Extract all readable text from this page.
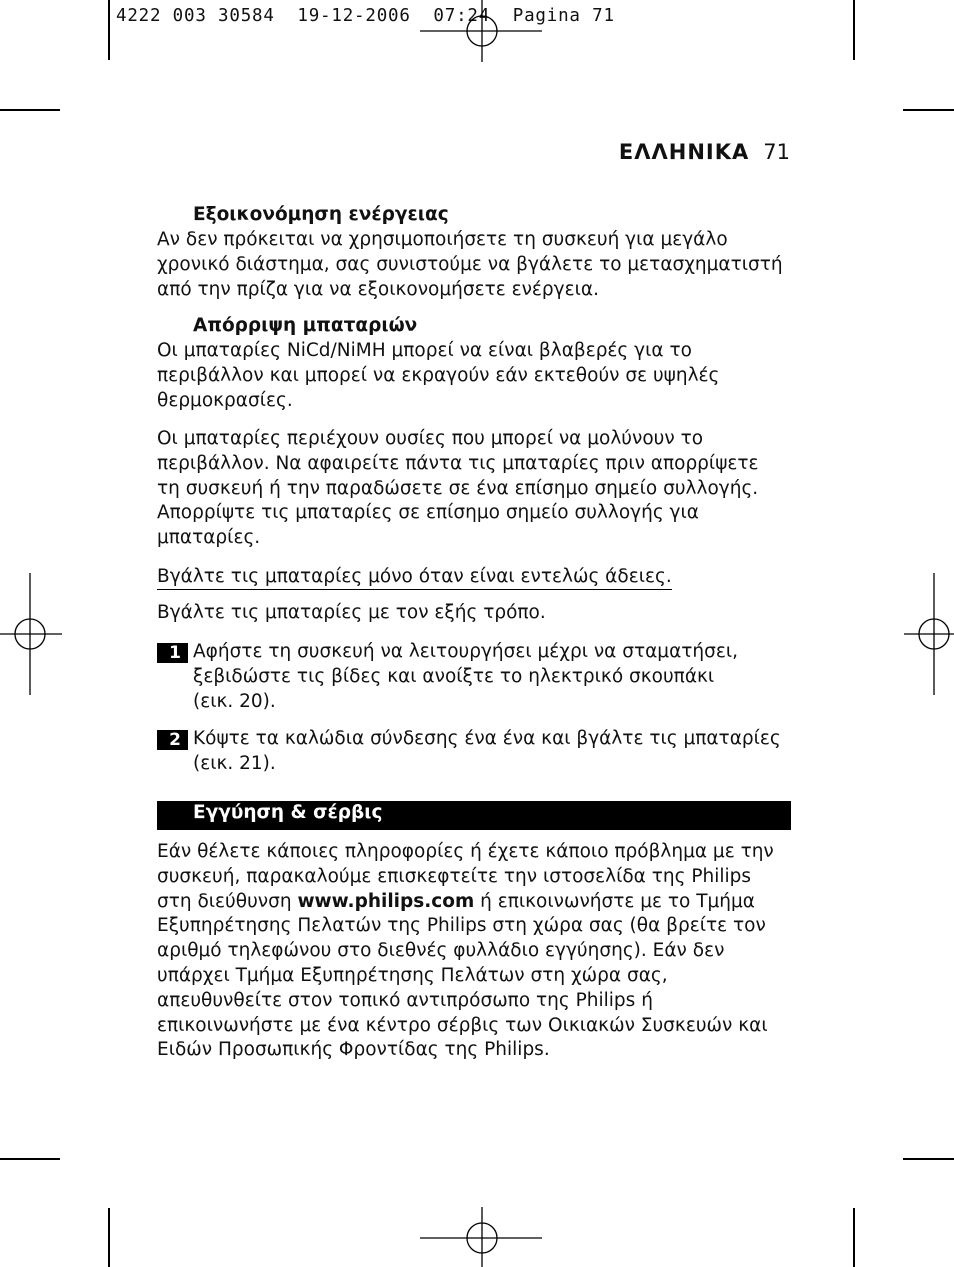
4222 003 30584  19-12-2006  07:24  Pagina 71
ΕΛΛΗΝΙΚΑ 71
Εξοικονόμηση ενέργειας
Αν δεν πρόκειται να χρησιμοποιήσετε τη συσκευή για μεγάλο
χρονικό διάστημα, σας συνιστούμε να βγάλετε το μετασχηματιστή
από την πρίζα για να εξοικονομήσετε ενέργεια.
Απόρριψη μπαταριών
Οι μπαταρίες NiCd/NiMH μπορεί να είναι βλαβερές για το
περιβάλλον και μπορεί να εκραγούν εάν εκτεθούν σε υψηλές
θερμοκρασίες.
Οι μπαταρίες περιέχουν ουσίες που μπορεί να μολύνουν το
περιβάλλον. Να αφαιρείτε πάντα τις μπαταρίες πριν απορρίψετε
τη συσκευή ή την παραδώσετε σε ένα επίσημο σημείο συλλογής.
Απορρίψτε τις μπαταρίες σε επίσημο σημείο συλλογής για
μπαταρίες.
Βγάλτε τις μπαταρίες μόνο όταν είναι εντελώς άδειες.
Βγάλτε τις μπαταρίες με τον εξής τρόπο.
1 Αφήστε τη συσκευή να λειτουργήσει μέχρι να σταματήσει,
ξεβιδώστε τις βίδες και ανοίξτε το ηλεκτρικό σκουπάκι
(εικ. 20).
2 Κόψτε τα καλώδια σύνδεσης ένα ένα και βγάλτε τις μπαταρίες
(εικ. 21).
Εγγύηση & σέρβις
Εάν θέλετε κάποιες πληροφορίες ή έχετε κάποιο πρόβλημα με την
συσκευή, παρακαλούμε επισκεφτείτε την ιστοσελίδα της Philips
στη διεύθυνση www.philips.com ή επικοινωνήστε με το Τμήμα
Εξυπηρέτησης Πελατών της Philips στη χώρα σας (θα βρείτε τον
αριθμό τηλεφώνου στο διεθνές φυλλάδιο εγγύησης). Εάν δεν
υπάρχει Τμήμα Εξυπηρέτησης Πελάτων στη χώρα σας,
απευθυνθείτε στον τοπικό αντιπρόσωπο της Philips ή
επικοινωνήστε με ένα κέντρο σέρβις των Οικιακών Συσκευών και
Ειδών Προσωπικής Φροντίδας της Philips.
